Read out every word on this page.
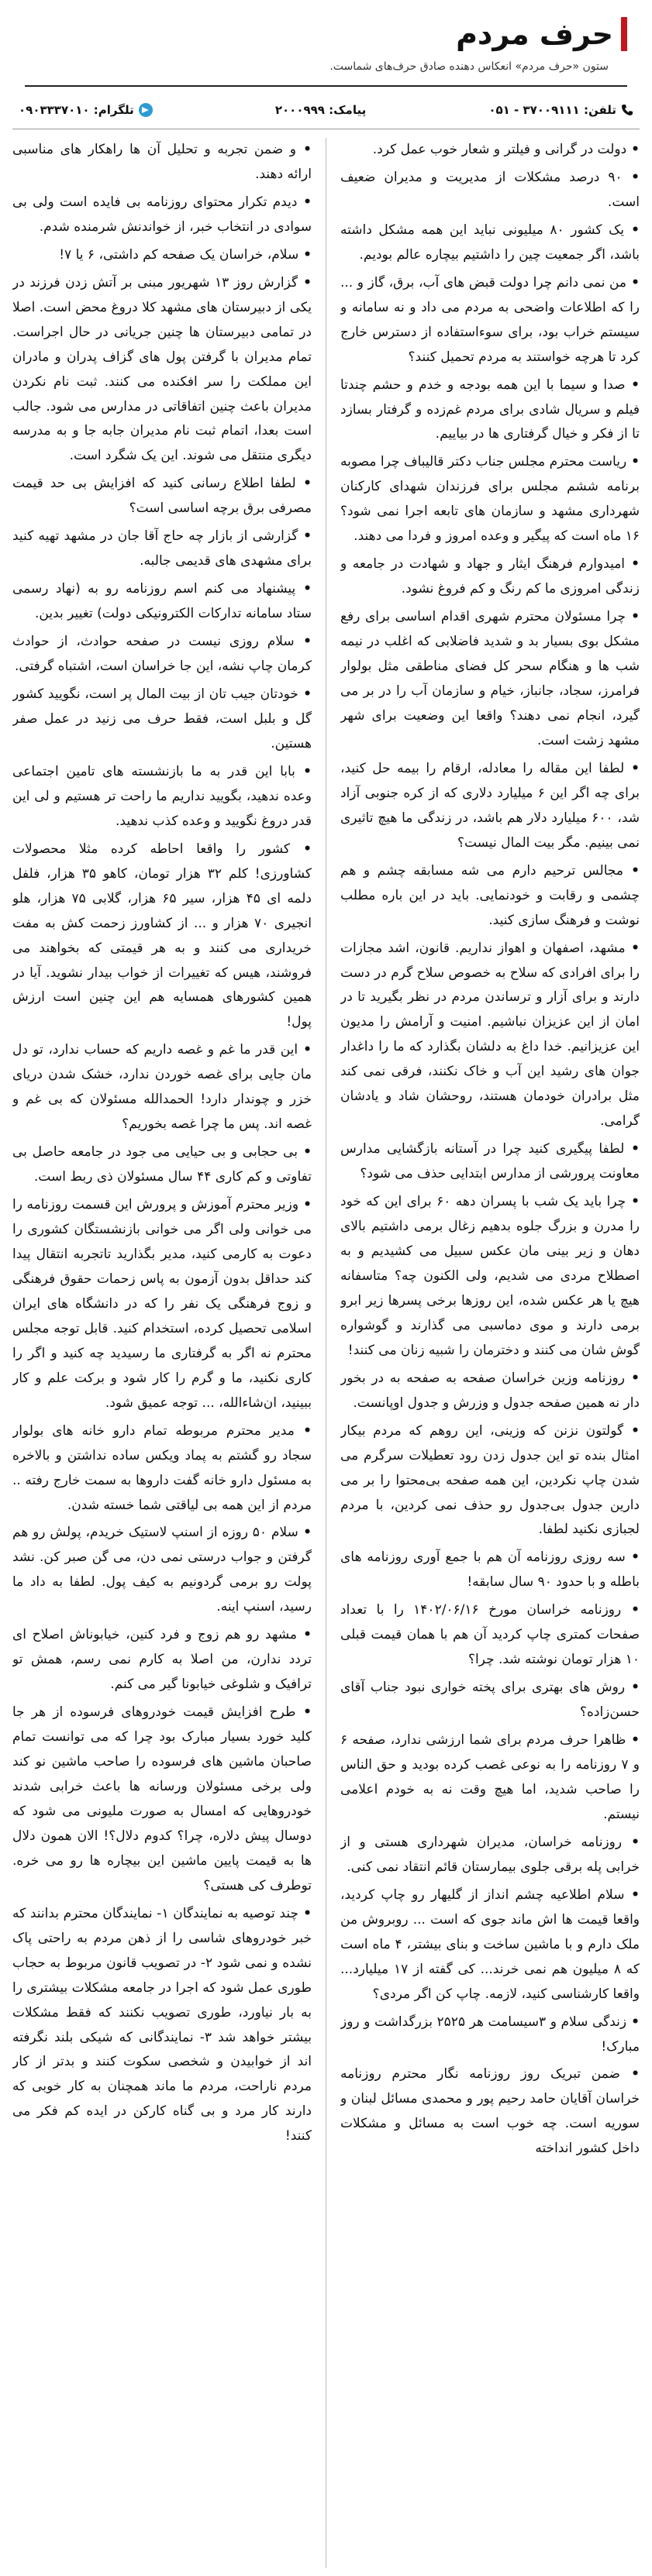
حرف مردم
ستون «حرف مردم» انعکاس دهنده صادق حرف‌های شماست.
تلفن: ۳۷۰۰۹۱۱۱ - ۰۵۱
پیامک: ۲۰۰۰۹۹۹
تلگرام: ۰۹۰۳۳۳۷۰۱۰

• دولت در گرانی و فیلتر و شعار خوب عمل کرد.

• ۹۰ درصد مشکلات از مدیریت و مدیران ضعیف است.

• یک کشور ۸۰ میلیونی نباید این همه مشکل داشته باشد، اگر جمعیت چین را داشتیم بیچاره عالم بودیم.

• من نمی دانم چرا دولت قبض های آب، برق، گاز و ... را که اطلاعات واضحی به مردم می داد و نه سامانه و سیستم خراب بود، برای سوءاستفاده از دسترس خارج کرد تا هرچه خواستند به مردم تحمیل کنند؟

• صدا و سیما با این همه بودجه و خدم و حشم چندتا فیلم و سریال شادی برای مردم غم‌زده و گرفتار بسازد تا از فکر و خیال گرفتاری ها در بیاییم.

• ریاست محترم مجلس جناب دکتر قالیباف چرا مصوبه برنامه ششم مجلس برای فرزندان شهدای کارکنان شهرداری مشهد و سازمان های تابعه اجرا نمی شود؟ ۱۶ ماه است که پیگیر و وعده امروز و فردا می دهند.

• امیدوارم فرهنگ ایثار و جهاد و شهادت در جامعه و زندگی امروزی ما کم رنگ و کم فروغ نشود.

• چرا مسئولان محترم شهری اقدام اساسی برای رفع مشکل بوی بسیار بد و شدید فاضلابی که اغلب در نیمه شب ها و هنگام سحر کل فضای مناطقی مثل بولوار فرامرز، سجاد، جانباز، خیام و سازمان آب را در بر می گیرد، انجام نمی دهند؟ واقعا این وضعیت برای شهر مشهد زشت است.

• لطفا این مقاله را معادله، ارقام را بیمه حل کنید، برای چه اگر این ۶ میلیارد دلاری که از کره جنوبی آزاد شد، ۶۰۰ میلیارد دلار هم باشد، در زندگی ما هیچ تاثیری نمی بینیم. مگر بیت المال نیست؟

• مجالس ترحیم دارم می شه مسابقه چشم و هم چشمی و رقابت و خودنمایی. باید در این باره مطلب نوشت و فرهنگ سازی کنید.

• مشهد، اصفهان و اهواز نداریم. قانون، اشد مجازات را برای افرادی که سلاح به خصوص سلاح گرم در دست دارند و برای آزار و ترساندن مردم در نظر بگیرید تا در امان از این عزیزان نباشیم. امنیت و آرامش را مدیون این عزیزانیم. خدا داغ به دلشان بگذارد که ما را داغدار جوان های رشید این آب و خاک نکنند، فرقی نمی کند مثل برادران خودمان هستند، روحشان شاد و یادشان گرامی.

• لطفا پیگیری کنید چرا در آستانه بازگشایی مدارس معاونت پرورشی از مدارس ابتدایی حذف می شود؟

• چرا باید یک شب با پسران دهه ۶۰ برای این که خود را مدرن و بزرگ جلوه بدهیم زغال برمی داشتیم بالای دهان و زیر بینی مان عکس سبیل می کشیدیم و به اصطلاح مردی می شدیم، ولی الکنون چه؟ متاسفانه هیچ یا هر عکس شده، این روزها برخی پسرها زیر ابرو برمی دارند و موی دماسبی می گذارند و گوشواره گوش شان می کنند و دخترمان را شبیه زنان می کنند!

• روزنامه وزین خراسان صفحه به صفحه به در بخور دار نه همین صفحه جدول و وزرش و جدول اوپانست.

• گولتون نزنن که وزینی، این روهم که مردم بیکار امثال بنده تو این جدول زدن رود تعطیلات سرگرم می شدن چاپ نکردین، این همه صفحه بی‌محتوا را بر می دارین جدول بی‌جدول رو حذف نمی کردین، با مردم لجبازی نکنید لطفا.

• سه روزی روزنامه آن هم با جمع آوری روزنامه های باطله و با حدود ۹۰ سال سابقه!

• روزنامه خراسان مورخ ۱۴۰۲/۰۶/۱۶ را با تعداد صفحات کمتری چاپ کردید آن هم با همان قیمت قبلی ۱۰ هزار تومان نوشته شد. چرا؟

• روش های بهتری برای پخته خواری نبود جناب آقای حسن‌زاده؟

• ظاهرا حرف مردم برای شما ارزشی ندارد، صفحه ۶ و ۷ روزنامه را به نوعی غصب کرده بودید و حق الناس را صاحب شدید، اما هیچ وقت نه به خودم اعلامی نیستم.

• روزنامه خراسان، مدیران شهرداری هستی و از خرابی پله برقی جلوی بیمارستان قائم انتقاد نمی کنی.

• سلام اطلاعیه چشم انداز از گلیهار رو چاپ کردید، واقعا قیمت ها اش ماند جوی که است ... روبروش من ملک دارم و با ماشین ساخت و بنای بیشتر، ۴ ماه است که ۸ میلیون هم نمی خرند... کی گفته از ۱۷ میلیارد... واقعا کارشناسی کنید، لازمه. چاپ کن اگر مردی؟

• زندگی سلام و ۳سیسامت هر ۲۵۲۵ بزرگداشت و روز مبارک!

• ضمن تبریک روز روزنامه نگار محترم روزنامه خراسان آقایان حامد رحیم پور و محمدی مسائل لبنان و سوریه است. چه خوب است به مسائل و مشکلات داخل کشور انداخته

• و ضمن تجربه و تحلیل آن ها راهکار های مناسبی ارائه دهند.

• دیدم تکرار محتوای روزنامه بی فایده است ولی بی سوادی در انتخاب خبر، از خواندنش شرمنده شدم.

• سلام، خراسان یک صفحه کم داشتی، ۶ یا ۷!

• گزارش روز ۱۳ شهریور مبنی بر آتش زدن فرزند در یکی از دبیرستان های مشهد کلا دروغ محض است. اصلا در تمامی دبیرستان ها چنین جریانی در حال اجراست. تمام مدیران با گرفتن پول های گزاف پدران و مادران این مملکت را سر افکنده می کنند. ثبت نام نکردن مدیران باعث چنین اتفاقاتی در مدارس می شود. جالب است بعدا، اتمام ثبت نام مدیران جابه جا و به مدرسه دیگری منتقل می شوند. این یک شگرد است.

• لطفا اطلاع رسانی کنید که افزایش بی حد قیمت مصرفی برق برچه اساسی است؟

• گزارشی از بازار چه حاج آقا جان در مشهد تهیه کنید برای مشهدی های قدیمی جالبه.

• پیشنهاد می کنم اسم روزنامه رو به (نهاد رسمی ستاد سامانه تدارکات الکترونیکی دولت) تغییر بدین.

• سلام روزی نیست در صفحه حوادث، از حوادث کرمان چاپ نشه، این جا خراسان است، اشتباه گرفتی.

• خودتان جیب تان از بیت المال پر است، نگویید کشور گل و بلبل است، فقط حرف می زنید در عمل صفر هستین.

• بابا این قدر به ما بازنشسته های تامین اجتماعی وعده ندهید، بگویید نداریم ما راحت تر هستیم و لی این قدر دروغ نگویید و وعده کذب ندهید.

• کشور را واقعا احاطه کرده مثلا محصولات کشاورزی! کلم ۳۲ هزار تومان، کاهو ۳۵ هزار، فلفل دلمه ای ۴۵ هزار، سیر ۶۵ هزار، گلابی ۷۵ هزار، هلو انجیری ۷۰ هزار و ... از کشاورز زحمت کش به مفت خریداری می کنند و به هر قیمتی که بخواهند می فروشند، هیس که تغییرات از خواب بیدار نشوید. آیا در همین کشورهای همسایه هم این چنین است ارزش پول!

• این قدر ما غم و غصه داریم که حساب ندارد، تو دل مان جایی برای غصه خوردن ندارد، خشک شدن دریای خزر و چوندار دارد! الحمدالله مسئولان که بی غم و غصه اند. پس ما چرا غصه بخوریم؟

• بی حجابی و بی حیایی می‌ جود در جامعه حاصل بی تفاوتی و کم کاری ۴۴ سال مسئولان ذی ربط است.

• وزیر محترم آموزش و پرورش این قسمت روزنامه را می خوانی ولی اگر می خوانی بازنشستگان کشوری را دعوت به کارمی کنید، مدیر بگذارید تاتجربه انتقال پیدا کند حداقل بدون آزمون به پاس زحمات حقوق فرهنگی و زوج فرهنگی یک نفر را که در دانشگاه های ایران اسلامی تحصیل کرده، استخدام کنید. قابل توجه مجلس محترم نه اگر به گرفتاری ما رسیدید چه کنید و اگر را کاری نکنید، ما و گرم را کار شود و برکت علم و کار ببینید، ان‌شاءالله، ... توجه عمیق شود.

• مدیر محترم مربوطه تمام دارو خانه های بولوار سجاد رو گشتم به پماد ویکس ساده نداشتن و بالاخره به مسئول دارو خانه گفت داروها به سمت خارج رفته .. مردم از این همه بی لیاقتی شما خسته شدن.

• سلام ۵۰ روزه از اسنپ لاستیک خریدم، پولش رو هم گرفتن و جواب درستی نمی دن، می گن صبر کن. نشد پولت رو برمی‌ گردونیم به کیف پول. لطفا به داد ما رسید، اسنپ اینه.

• مشهد رو هم زوج و فرد کنین، خیابوناش اصلاح ای تردد ندارن، من اصلا به کارم نمی رسم، همش تو ترافیک و شلوغی خیابونا گیر می کنم.

• طرح افزایش قیمت خودروهای فرسوده از هر جا کلید خورد بسیار مبارک بود چرا که می توانست تمام صاحبان ماشین های فرسوده را صاحب ماشین نو کند ولی برخی مسئولان ورسانه ها باعث خرابی شدند خودروهایی که امسال به صورت ملیونی می شود که دوسال پیش دلاره، چرا؟ کدوم دلال؟! الان همون دلال ها به قیمت پایین ماشین این بیچاره ها رو می خره. توطرف کی هستی؟

• چند توصیه به نمایندگان ۱- نمایندگان محترم بدانند که خبر خودروهای شاسی را از ذهن مردم به راحتی پاک نشده و نمی شود ۲- در تصویب قانون مربوط به حجاب طوری عمل شود که اجرا در جامعه مشکلات بیشتری را به بار نیاورد، طوری تصویب نکنند که فقط مشکلات بیشتر خواهد شد ۳- نمایندگانی که شیکی بلند نگرفته اند از خوابیدن و شخصی سکوت کنند و بدتر از کار مردم ناراحت، مردم ما ماند همچنان به کار خوبی که دارند کار مرد و بی گناه کارکن در ایده کم فکر می کنند!
